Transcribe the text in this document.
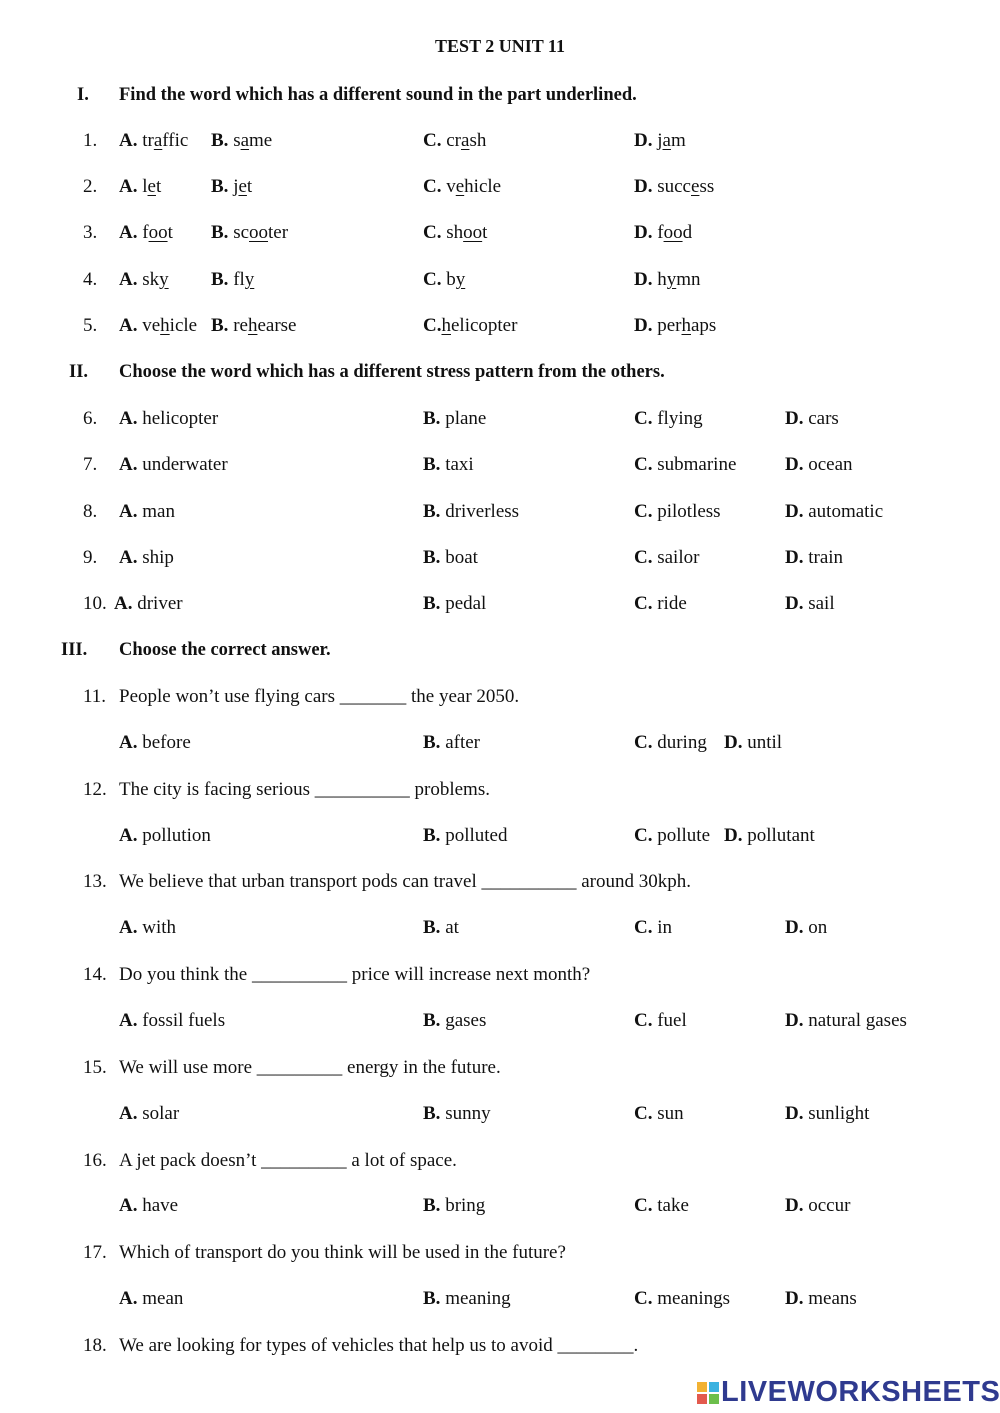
TEST 2 UNIT 11
I. Find the word which has a different sound in the part underlined.
1. A. traffic B. same	C. crash	D. jam
2. A. let	B. jet	C. vehicle	D. success
3. A. foot B. scooter	C. shoot	D. food
4. A. sky B. fly	C. by	D. hymn
5. A. vehicle B. rehearse	C.helicopter	D. perhaps
II. Choose the word which has a different stress pattern from the others.
6. A. helicopter	B. plane	C. flying	D. cars
7. A. underwater	B. taxi	C. submarine	D. ocean
8. A. man	B. driverless	C. pilotless	D. automatic
9. A. ship	B. boat	C. sailor	D. train
10. A. driver	B. pedal	C. ride	D. sail
III. Choose the correct answer.
11. People won’t use flying cars _______ the year 2050.
A. before	B. after	C. during D. until
12. The city is facing serious __________ problems.
A. pollution	B. polluted	C. pollute D. pollutant
13. We believe that urban transport pods can travel __________ around 30kph.
A. with	B. at	C. in	D. on
14. Do you think the __________ price will increase next month?
A. fossil fuels	B. gases	C. fuel	D. natural gases
15. We will use more _________ energy in the future.
A. solar	B. sunny	C. sun	D. sunlight
16. A jet pack doesn’t _________ a lot of space.
A. have	B. bring	C. take	D. occur
17. Which of transport do you think will be used in the future?
A. mean	B. meaning	C. meanings	D. means
18. We are looking for types of vehicles that help us to avoid ________.
LIVEWORKSHEETS
